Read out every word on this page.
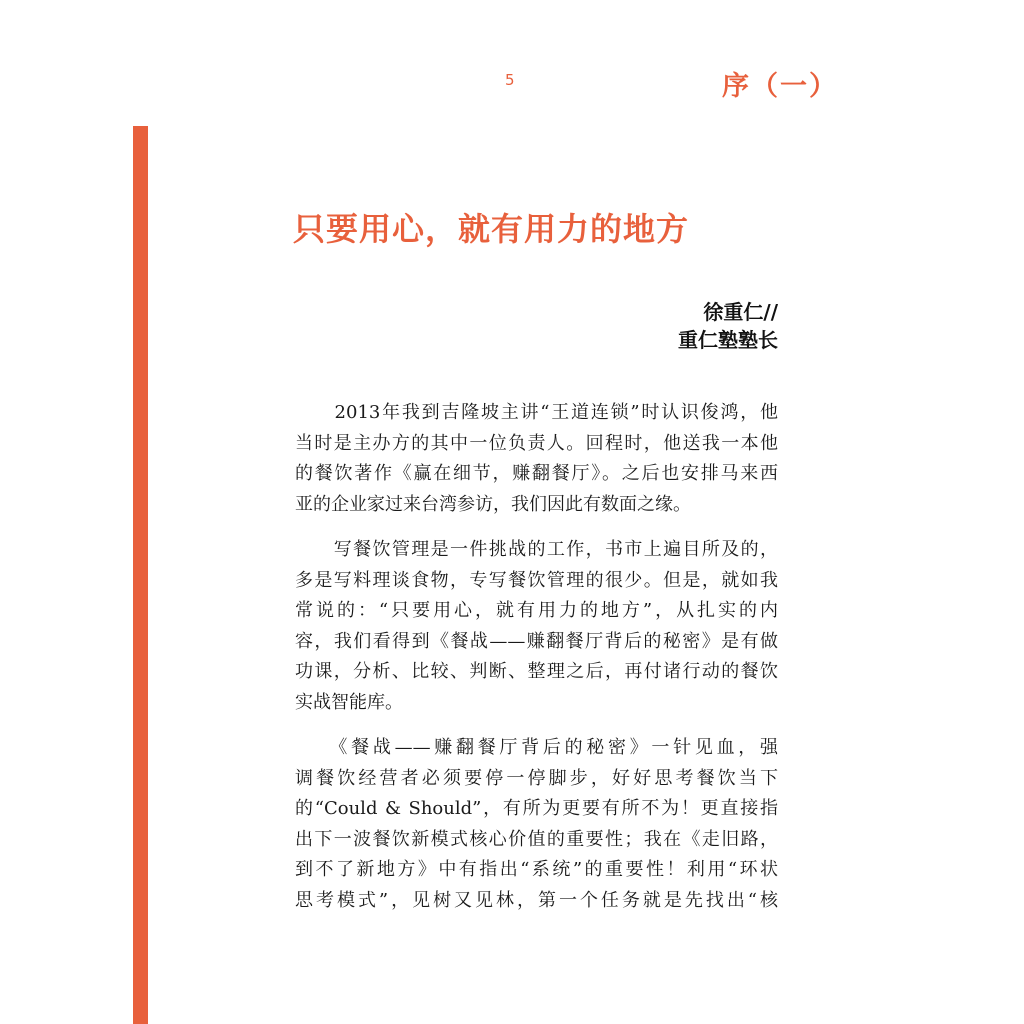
5	序（一）
只要用心，就有用力的地方
徐重仁//
重仁塾塾长
　　2013年我到吉隆坡主讲“王道连锁”时认识俊鸿，他
当时是主办方的其中一位负责人。回程时，他送我一本他
的餐饮著作《赢在细节，赚翻餐厅》。之后也安排马来西
亚的企业家过来台湾参访，我们因此有数面之缘。
　　写餐饮管理是一件挑战的工作，书市上遍目所及的，
多是写料理谈食物，专写餐饮管理的很少。但是，就如我
常说的：“只要用心，就有用力的地方”，从扎实的内
容，我们看得到《餐战——赚翻餐厅背后的秘密》是有做
功课，分析、比较、判断、整理之后，再付诸行动的餐饮
实战智能库。
　　《餐战——赚翻餐厅背后的秘密》一针见血，强
调餐饮经营者必须要停一停脚步，好好思考餐饮当下
的“Could & Should”，有所为更要有所不为！更直接指
出下一波餐饮新模式核心价值的重要性；我在《走旧路，
到不了新地方》中有指出“系统”的重要性！利用“环状
思考模式”，见树又见林，第一个任务就是先找出“核
